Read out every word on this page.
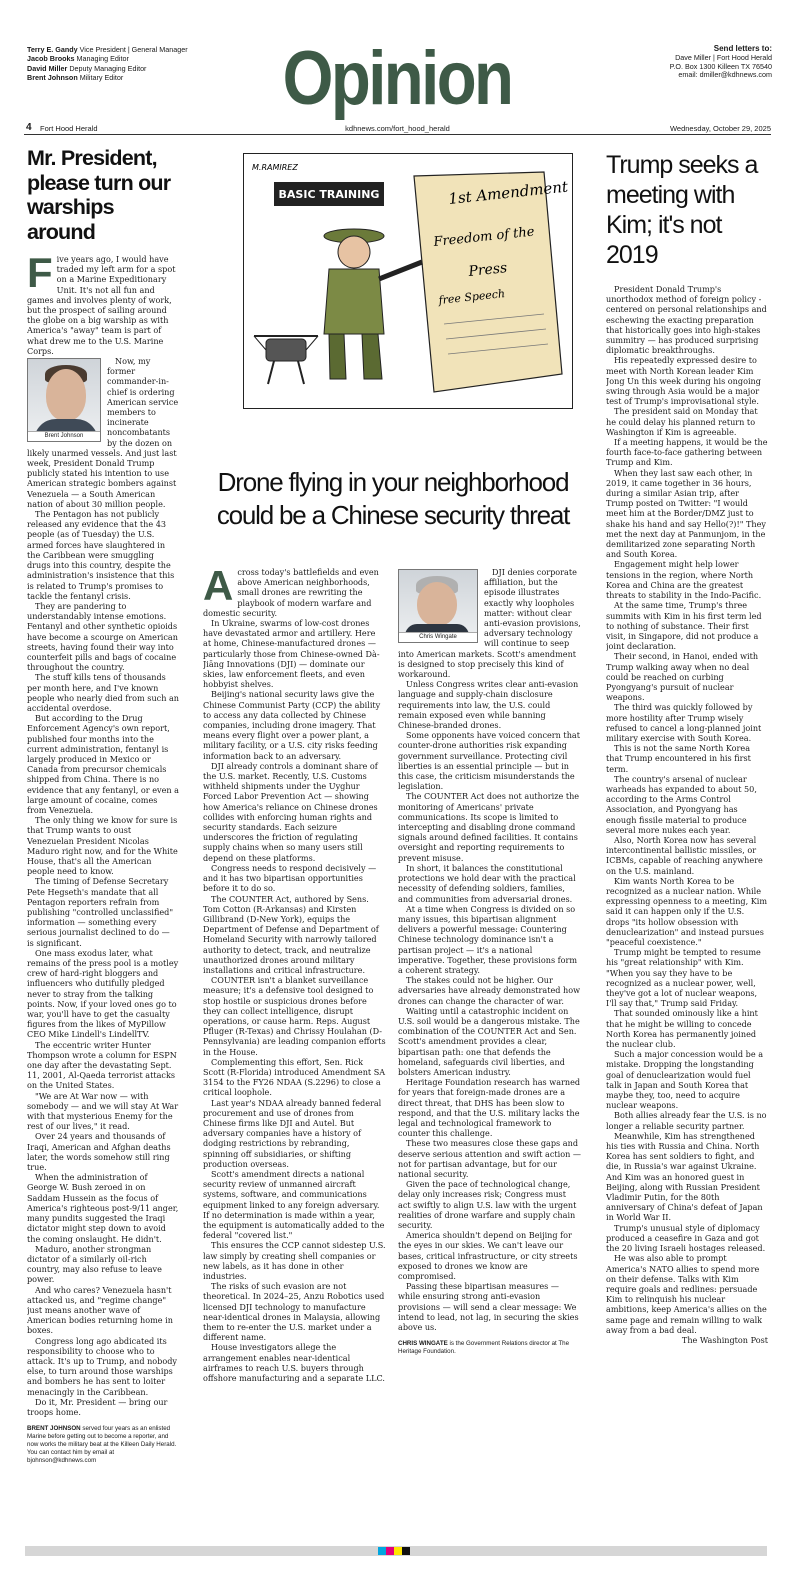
Terry E. Gandy Vice President | General Manager
Jacob Brooks Managing Editor
David Miller Deputy Managing Editor
Brent Johnson Military Editor	Opinion	Send letters to:
Dave Miller | Fort Hood Herald
P.O. Box 1300 Killeen TX 76540
email: dmiller@kdhnews.com
4 Fort Hood Herald	kdhnews.com/fort_hood_herald	Wednesday, October 29, 2025
Mr. President, please turn our warships around

Five years ago, I would have traded my left arm for a spot on a Marine Expeditionary Unit. It's not all fun and games and involves plenty of work, but the prospect of sailing around the globe on a big warship as with America's "away" team is part of what drew me to the U.S. Marine Corps.

Brent Johnson

Now, my former commander-in-chief is ordering American service members to incinerate noncombatants by the dozen on likely unarmed vessels. And just last week, President Donald Trump publicly stated his intention to use American strategic bombers against Venezuela — a South American nation of about 30 million people.

The Pentagon has not publicly released any evidence that the 43 people (as of Tuesday) the U.S. armed forces have slaughtered in the Caribbean were smuggling drugs into this country, despite the administration's insistence that this is related to Trump's promises to tackle the fentanyl crisis.

They are pandering to understandably intense emotions. Fentanyl and other synthetic opioids have become a scourge on American streets, having found their way into counterfeit pills and bags of cocaine throughout the country.

The stuff kills tens of thousands per month here, and I've known people who nearly died from such an accidental overdose.

But according to the Drug Enforcement Agency's own report, published four months into the current administration, fentanyl is largely produced in Mexico or Canada from precursor chemicals shipped from China. There is no evidence that any fentanyl, or even a large amount of cocaine, comes from Venezuela.

The only thing we know for sure is that Trump wants to oust Venezuelan President Nicolas Maduro right now, and for the White House, that's all the American people need to know.

The timing of Defense Secretary Pete Hegseth's mandate that all Pentagon reporters refrain from publishing "controlled unclassified" information — something every serious journalist declined to do — is significant.

One mass exodus later, what remains of the press pool is a motley crew of hard-right bloggers and influencers who dutifully pledged never to stray from the talking points. Now, if your loved ones go to war, you'll have to get the casualty figures from the likes of MyPillow CEO Mike Lindell's LindellTV.

The eccentric writer Hunter Thompson wrote a column for ESPN one day after the devastating Sept. 11, 2001, Al-Qaeda terrorist attacks on the United States.

"We are At War now — with somebody — and we will stay At War with that mysterious Enemy for the rest of our lives," it read.

Over 24 years and thousands of Iraqi, American and Afghan deaths later, the words somehow still ring true.

When the administration of George W. Bush zeroed in on Saddam Hussein as the focus of America's righteous post-9/11 anger, many pundits suggested the Iraqi dictator might step down to avoid the coming onslaught. He didn't.

Maduro, another strongman dictator of a similarly oil-rich country, may also refuse to leave power.

And who cares? Venezuela hasn't attacked us, and "regime change" just means another wave of American bodies returning home in boxes.

Congress long ago abdicated its responsibility to choose who to attack. It's up to Trump, and nobody else, to turn around those warships and bombers he has sent to loiter menacingly in the Caribbean.

Do it, Mr. President — bring our troops home.

BRENT JOHNSON served four years as an enlisted Marine before getting out to become a reporter, and now works the military beat at the Killeen Daily Herald. You can contact him by email at bjohnson@kdhnews.com
M.RAMIREZ
BASIC TRAINING	1st Amendment
Freedom of the
Press
free Speech
Drone flying in your neighborhood could be a Chinese security threat

Across today's battlefields and even above American neighborhoods, small drones are rewriting the playbook of modern warfare and domestic security.

In Ukraine, swarms of low-cost drones have devastated armor and artillery. Here at home, Chinese-manufactured drones — particularly those from Chinese-owned Dà-Jiāng Innovations (DJI) — dominate our skies, law enforcement fleets, and even hobbyist shelves.

Beijing's national security laws give the Chinese Communist Party (CCP) the ability to access any data collected by Chinese companies, including drone imagery. That means every flight over a power plant, a military facility, or a U.S. city risks feeding information back to an adversary.

DJI already controls a dominant share of the U.S. market. Recently, U.S. Customs withheld shipments under the Uyghur Forced Labor Prevention Act — showing how America's reliance on Chinese drones collides with enforcing human rights and security standards. Each seizure underscores the friction of regulating supply chains when so many users still depend on these platforms.

Congress needs to respond decisively — and it has two bipartisan opportunities before it to do so.

The COUNTER Act, authored by Sens. Tom Cotton (R-Arkansas) and Kirsten Gillibrand (D-New York), equips the Department of Defense and Department of Homeland Security with narrowly tailored authority to detect, track, and neutralize unauthorized drones around military installations and critical infrastructure.

COUNTER isn't a blanket surveillance measure; it's a defensive tool designed to stop hostile or suspicious drones before they can collect intelligence, disrupt operations, or cause harm. Reps. August Pfluger (R-Texas) and Chrissy Houlahan (D-Pennsylvania) are leading companion efforts in the House.

Complementing this effort, Sen. Rick Scott (R-Florida) introduced Amendment SA 3154 to the FY26 NDAA (S.2296) to close a critical loophole.

Last year's NDAA already banned federal procurement and use of drones from Chinese firms like DJI and Autel. But adversary companies have a history of dodging restrictions by rebranding, spinning off subsidiaries, or shifting production overseas.

Scott's amendment directs a national security review of unmanned aircraft systems, software, and communications equipment linked to any foreign adversary. If no determination is made within a year, the equipment is automatically added to the federal "covered list."

This ensures the CCP cannot sidestep U.S. law simply by creating shell companies or new labels, as it has done in other industries.

The risks of such evasion are not theoretical. In 2024–25, Anzu Robotics used licensed DJI technology to manufacture near-identical drones in Malaysia, allowing them to re-enter the U.S. market under a different name.

House investigators allege the arrangement enables near-identical airframes to reach U.S. buyers through offshore manufacturing and a separate LLC.

Chris Wingate

DJI denies corporate affiliation, but the episode illustrates exactly why loopholes matter: without clear anti-evasion provisions, adversary technology will continue to seep into American markets. Scott's amendment is designed to stop precisely this kind of workaround.

Unless Congress writes clear anti-evasion language and supply-chain disclosure requirements into law, the U.S. could remain exposed even while banning Chinese-branded drones.

Some opponents have voiced concern that counter-drone authorities risk expanding government surveillance. Protecting civil liberties is an essential principle — but in this case, the criticism misunderstands the legislation.

The COUNTER Act does not authorize the monitoring of Americans' private communications. Its scope is limited to intercepting and disabling drone command signals around defined facilities. It contains oversight and reporting requirements to prevent misuse.

In short, it balances the constitutional protections we hold dear with the practical necessity of defending soldiers, families, and communities from adversarial drones.

At a time when Congress is divided on so many issues, this bipartisan alignment delivers a powerful message: Countering Chinese technology dominance isn't a partisan project — it's a national imperative. Together, these provisions form a coherent strategy.

The stakes could not be higher. Our adversaries have already demonstrated how drones can change the character of war.

Waiting until a catastrophic incident on U.S. soil would be a dangerous mistake. The combination of the COUNTER Act and Sen. Scott's amendment provides a clear, bipartisan path: one that defends the homeland, safeguards civil liberties, and bolsters American industry.

Heritage Foundation research has warned for years that foreign-made drones are a direct threat, that DHS has been slow to respond, and that the U.S. military lacks the legal and technological framework to counter this challenge.

These two measures close these gaps and deserve serious attention and swift action — not for partisan advantage, but for our national security.

Given the pace of technological change, delay only increases risk; Congress must act swiftly to align U.S. law with the urgent realities of drone warfare and supply chain security.

America shouldn't depend on Beijing for the eyes in our skies. We can't leave our bases, critical infrastructure, or city streets exposed to drones we know are compromised.

Passing these bipartisan measures — while ensuring strong anti-evasion provisions — will send a clear message: We intend to lead, not lag, in securing the skies above us.

CHRIS WINGATE is the Government Relations director at The Heritage Foundation.
Trump seeks a meeting with Kim; it's not 2019

President Donald Trump's unorthodox method of foreign policy - centered on personal relationships and eschewing the exacting preparation that historically goes into high-stakes summitry — has produced surprising diplomatic breakthroughs.

His repeatedly expressed desire to meet with North Korean leader Kim Jong Un this week during his ongoing swing through Asia would be a major test of Trump's improvisational style.

The president said on Monday that he could delay his planned return to Washington if Kim is agreeable.

If a meeting happens, it would be the fourth face-to-face gathering between Trump and Kim.

When they last saw each other, in 2019, it came together in 36 hours, during a similar Asian trip, after Trump posted on Twitter: "I would meet him at the Border/DMZ just to shake his hand and say Hello(?)!" They met the next day at Panmunjom, in the demilitarized zone separating North and South Korea.

Engagement might help lower tensions in the region, where North Korea and China are the greatest threats to stability in the Indo-Pacific.

At the same time, Trump's three summits with Kim in his first term led to nothing of substance. Their first visit, in Singapore, did not produce a joint declaration.

Their second, in Hanoi, ended with Trump walking away when no deal could be reached on curbing Pyongyang's pursuit of nuclear weapons.

The third was quickly followed by more hostility after Trump wisely refused to cancel a long-planned joint military exercise with South Korea.

This is not the same North Korea that Trump encountered in his first term.

The country's arsenal of nuclear warheads has expanded to about 50, according to the Arms Control Association, and Pyongyang has enough fissile material to produce several more nukes each year.

Also, North Korea now has several intercontinental ballistic missiles, or ICBMs, capable of reaching anywhere on the U.S. mainland.

Kim wants North Korea to be recognized as a nuclear nation. While expressing openness to a meeting, Kim said it can happen only if the U.S. drops "its hollow obsession with denuclearization" and instead pursues "peaceful coexistence."

Trump might be tempted to resume his "great relationship" with Kim. "When you say they have to be recognized as a nuclear power, well, they've got a lot of nuclear weapons, I'll say that," Trump said Friday.

That sounded ominously like a hint that he might be willing to concede North Korea has permanently joined the nuclear club.

Such a major concession would be a mistake. Dropping the longstanding goal of denuclearization would fuel talk in Japan and South Korea that maybe they, too, need to acquire nuclear weapons.

Both allies already fear the U.S. is no longer a reliable security partner.

Meanwhile, Kim has strengthened his ties with Russia and China. North Korea has sent soldiers to fight, and die, in Russia's war against Ukraine. And Kim was an honored guest in Beijing, along with Russian President Vladimir Putin, for the 80th anniversary of China's defeat of Japan in World War II.

Trump's unusual style of diplomacy produced a ceasefire in Gaza and got the 20 living Israeli hostages released.

He was also able to prompt America's NATO allies to spend more on their defense. Talks with Kim require goals and redlines: persuade Kim to relinquish his nuclear ambitions, keep America's allies on the same page and remain willing to walk away from a bad deal.

The Washington Post
